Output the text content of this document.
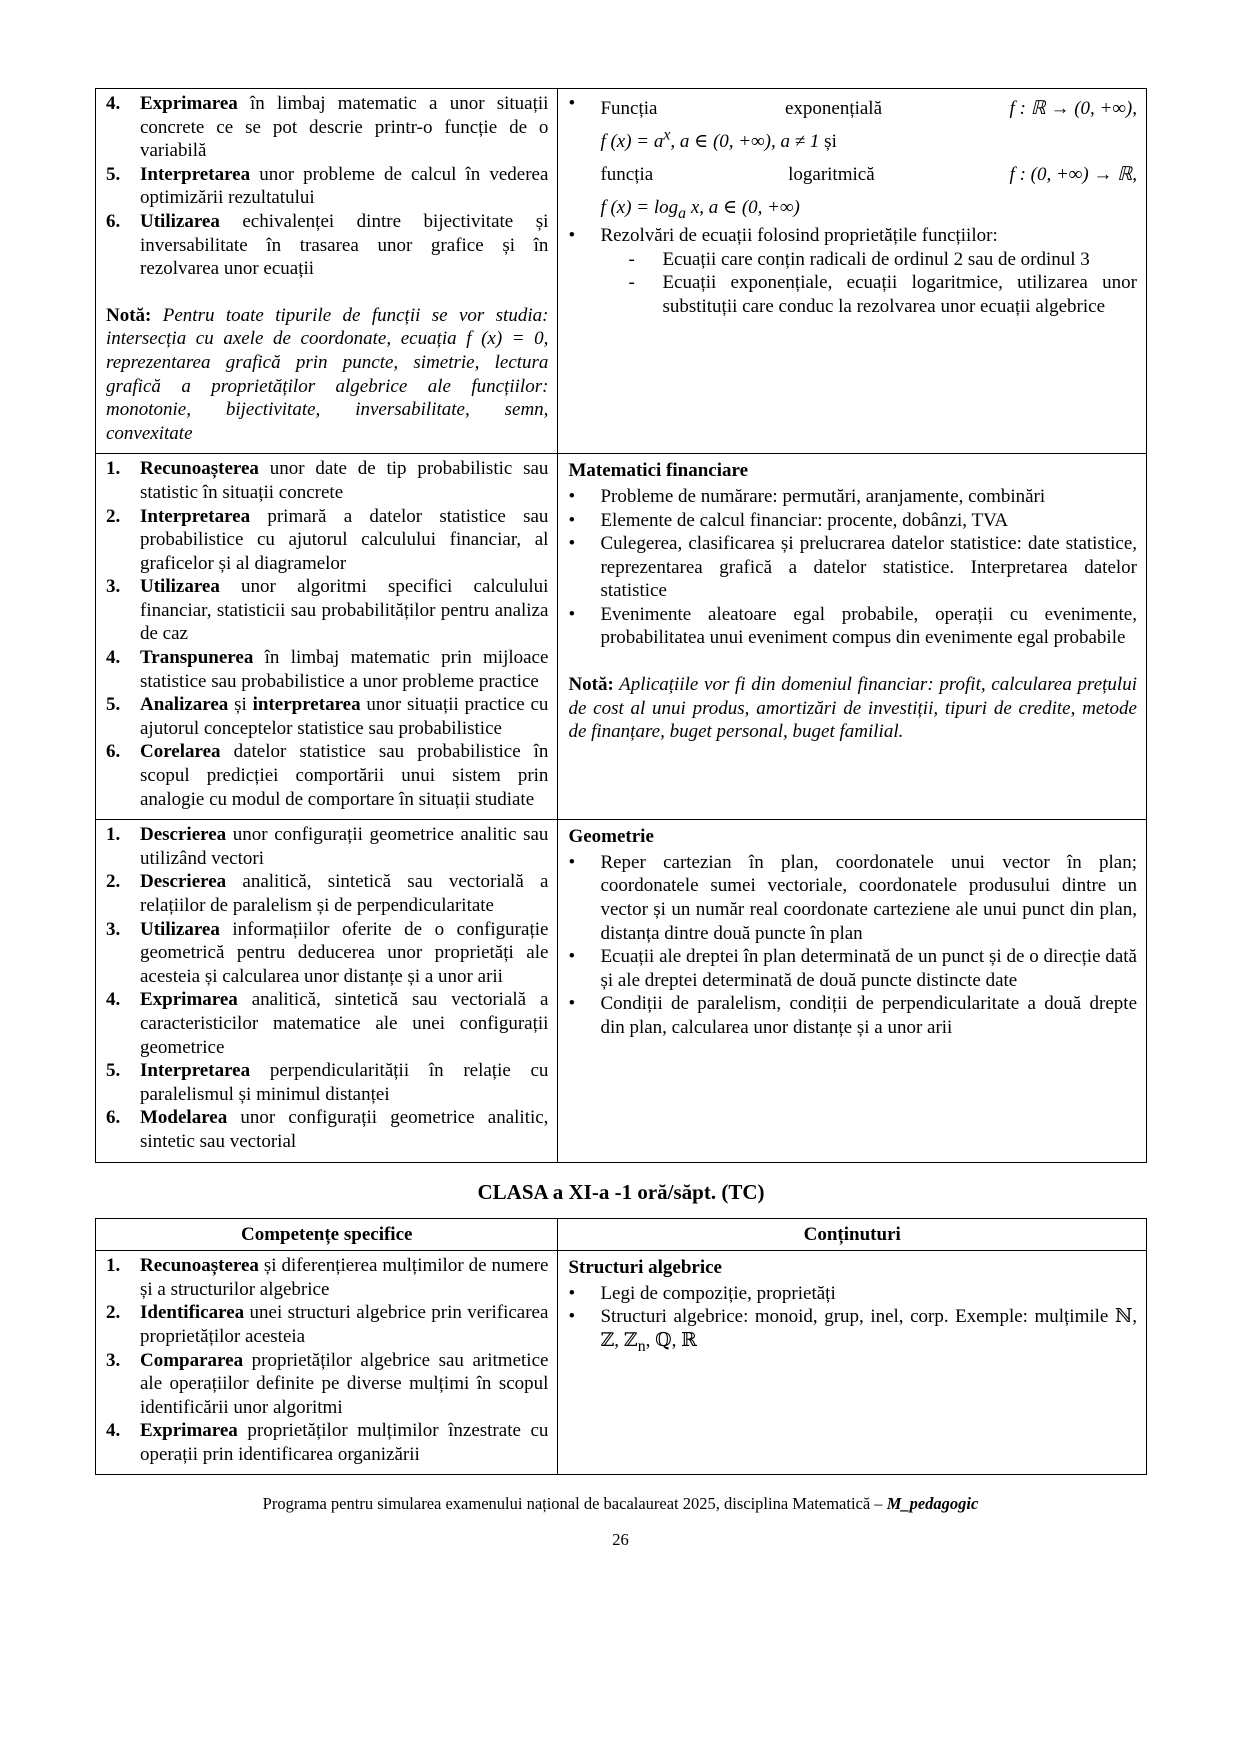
4.	Exprimarea în limbaj matematic a unor situații concrete ce se pot descrie printr-o funcție de o variabilă
5.	Interpretarea unor probleme de calcul în vederea optimizării rezultatului
6.	Utilizarea echivalenței dintre bijectivitate și inversabilitate în trasarea unor grafice și în rezolvarea unor ecuații
Notă: Pentru toate tipurile de funcții se vor studia: intersecția cu axele de coordonate, ecuația f (x) = 0, reprezentarea grafică prin puncte, simetrie, lectura grafică a proprietăților algebrice ale funcțiilor: monotonie, bijectivitate, inversabilitate, semn, convexitate

•	Funcția	exponențială	f : ℝ → (0, +∞),
f $(x) = a^x$, a ∈ (0, +∞), a ≠ 1 și
funcția	logaritmică	f : (0, +∞) → ℝ,
f $(x) = \log_a x$, a ∈ (0, +∞)
•	Rezolvări de ecuații folosind proprietățile funcțiilor:
-	Ecuații care conțin radicali de ordinul 2 sau de ordinul 3
-	Ecuații exponențiale, ecuații logaritmice, utilizarea unor substituții care conduc la rezolvarea unor ecuații algebrice

1.	Recunoașterea unor date de tip probabilistic sau statistic în situații concrete
2.	Interpretarea primară a datelor statistice sau probabilistice cu ajutorul calculului financiar, al graficelor și al diagramelor
3.	Utilizarea unor algoritmi specifici calculului financiar, statisticii sau probabilităților pentru analiza de caz
4.	Transpunerea în limbaj matematic prin mijloace statistice sau probabilistice a unor probleme practice
5.	Analizarea și interpretarea unor situații practice cu ajutorul conceptelor statistice sau probabilistice
6.	Corelarea datelor statistice sau probabilistice în scopul predicției comportării unui sistem prin analogie cu modul de comportare în situații studiate

Matematici financiare
•	Probleme de numărare: permutări, aranjamente, combinări
•	Elemente de calcul financiar: procente, dobânzi, TVA
•	Culegerea, clasificarea și prelucrarea datelor statistice: date statistice, reprezentarea grafică a datelor statistice. Interpretarea datelor statistice
•	Evenimente aleatoare egal probabile, operații cu evenimente, probabilitatea unui eveniment compus din evenimente egal probabile
Notă: Aplicațiile vor fi din domeniul financiar: profit, calcularea prețului de cost al unui produs, amortizări de investiții, tipuri de credite, metode de finanțare, buget personal, buget familial.

1.	Descrierea unor configurații geometrice analitic sau utilizând vectori
2.	Descrierea analitică, sintetică sau vectorială a relațiilor de paralelism și de perpendicularitate
3.	Utilizarea informațiilor oferite de o configurație geometrică pentru deducerea unor proprietăți ale acesteia și calcularea unor distanțe și a unor arii
4.	Exprimarea analitică, sintetică sau vectorială a caracteristicilor matematice ale unei configurații geometrice
5.	Interpretarea perpendicularității în relație cu paralelismul și minimul distanței
6.	Modelarea unor configurații geometrice analitic, sintetic sau vectorial

Geometrie
•	Reper cartezian în plan, coordonatele unui vector în plan; coordonatele sumei vectoriale, coordonatele produsului dintre un vector și un număr real coordonate carteziene ale unui punct din plan, distanța dintre două puncte în plan
•	Ecuații ale dreptei în plan determinată de un punct și de o direcție dată și ale dreptei determinată de două puncte distincte date
•	Condiții de paralelism, condiții de perpendicularitate a două drepte din plan, calcularea unor distanțe și a unor arii
CLASA a XI-a -1 oră/săpt. (TC)
Competențe specifice	Conținuturi

1.	Recunoașterea și diferențierea mulțimilor de numere și a structurilor algebrice
2.	Identificarea unei structuri algebrice prin verificarea proprietăților acesteia
3.	Compararea proprietăților algebrice sau aritmetice ale operațiilor definite pe diverse mulțimi în scopul identificării unor algoritmi
4.	Exprimarea proprietăților mulțimilor înzestrate cu operații prin identificarea organizării

Structuri algebrice
•	Legi de compoziție, proprietăți
•	Structuri algebrice: monoid, grup, inel, corp. Exemple: mulțimile ℕ, ℤ, ℤ$_n$, ℚ, ℝ
Programa pentru simularea examenului național de bacalaureat 2025, disciplina Matematică – M_pedagogic
26
